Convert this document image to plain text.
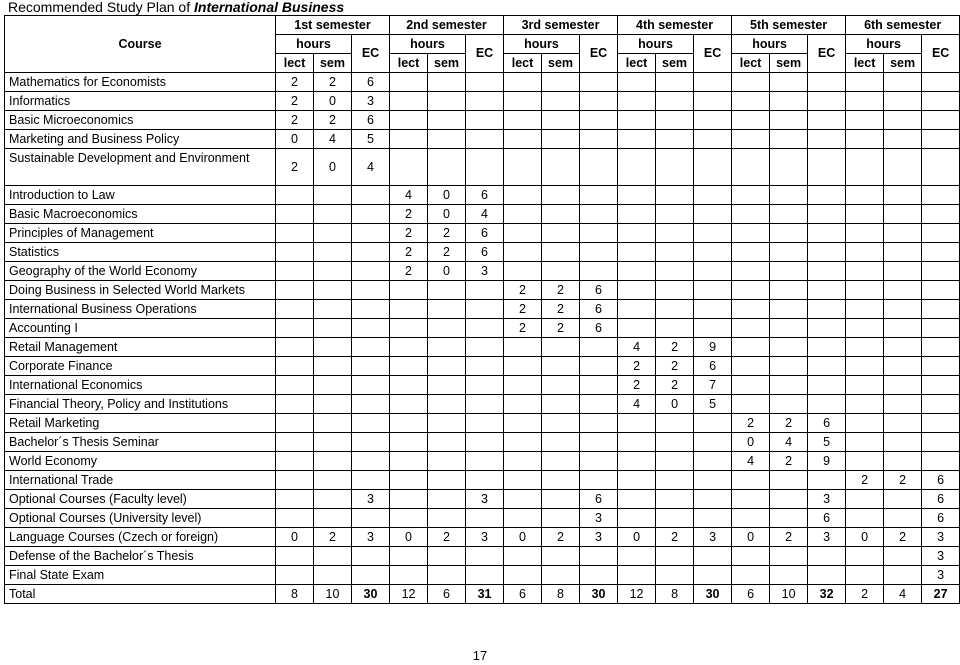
Recommended Study Plan of International Business
Course	1st semester			2nd semester			3rd semester			4th semester			5th semester			6th semester		
	hours		EC	hours		EC	hours		EC	hours		EC	hours		EC	hours		EC
	lect	sem		lect	sem		lect	sem		lect	sem		lect	sem		lect	sem	
Mathematics for Economists	2	2	6															
Informatics	2	0	3															
Basic Microeconomics	2	2	6															
Marketing and Business Policy	0	4	5															
Sustainable Development and Environment	2	0	4															
Introduction to Law				4	0	6												
Basic Macroeconomics				2	0	4												
Principles of Management				2	2	6												
Statistics				2	2	6												
Geography of the World Economy				2	0	3												
Doing Business in Selected World Markets							2	2	6									
International Business Operations							2	2	6									
Accounting I							2	2	6									
Retail Management										4	2	9						
Corporate Finance										2	2	6						
International Economics										2	2	7						
Financial Theory, Policy and Institutions										4	0	5						
Retail Marketing													2	2	6			
Bachelor´s Thesis Seminar													0	4	5			
World Economy													4	2	9			
International Trade																2	2	6
Optional Courses (Faculty level)			3			3			6						3			6
Optional Courses (University level)									3						6			6
Language Courses (Czech or foreign)	0	2	3	0	2	3	0	2	3	0	2	3	0	2	3	0	2	3
Defense of the Bachelor´s Thesis																		3
Final State Exam																		3
Total	8	10	30	12	6	31	6	8	30	12	8	30	6	10	32	2	4	27
17
